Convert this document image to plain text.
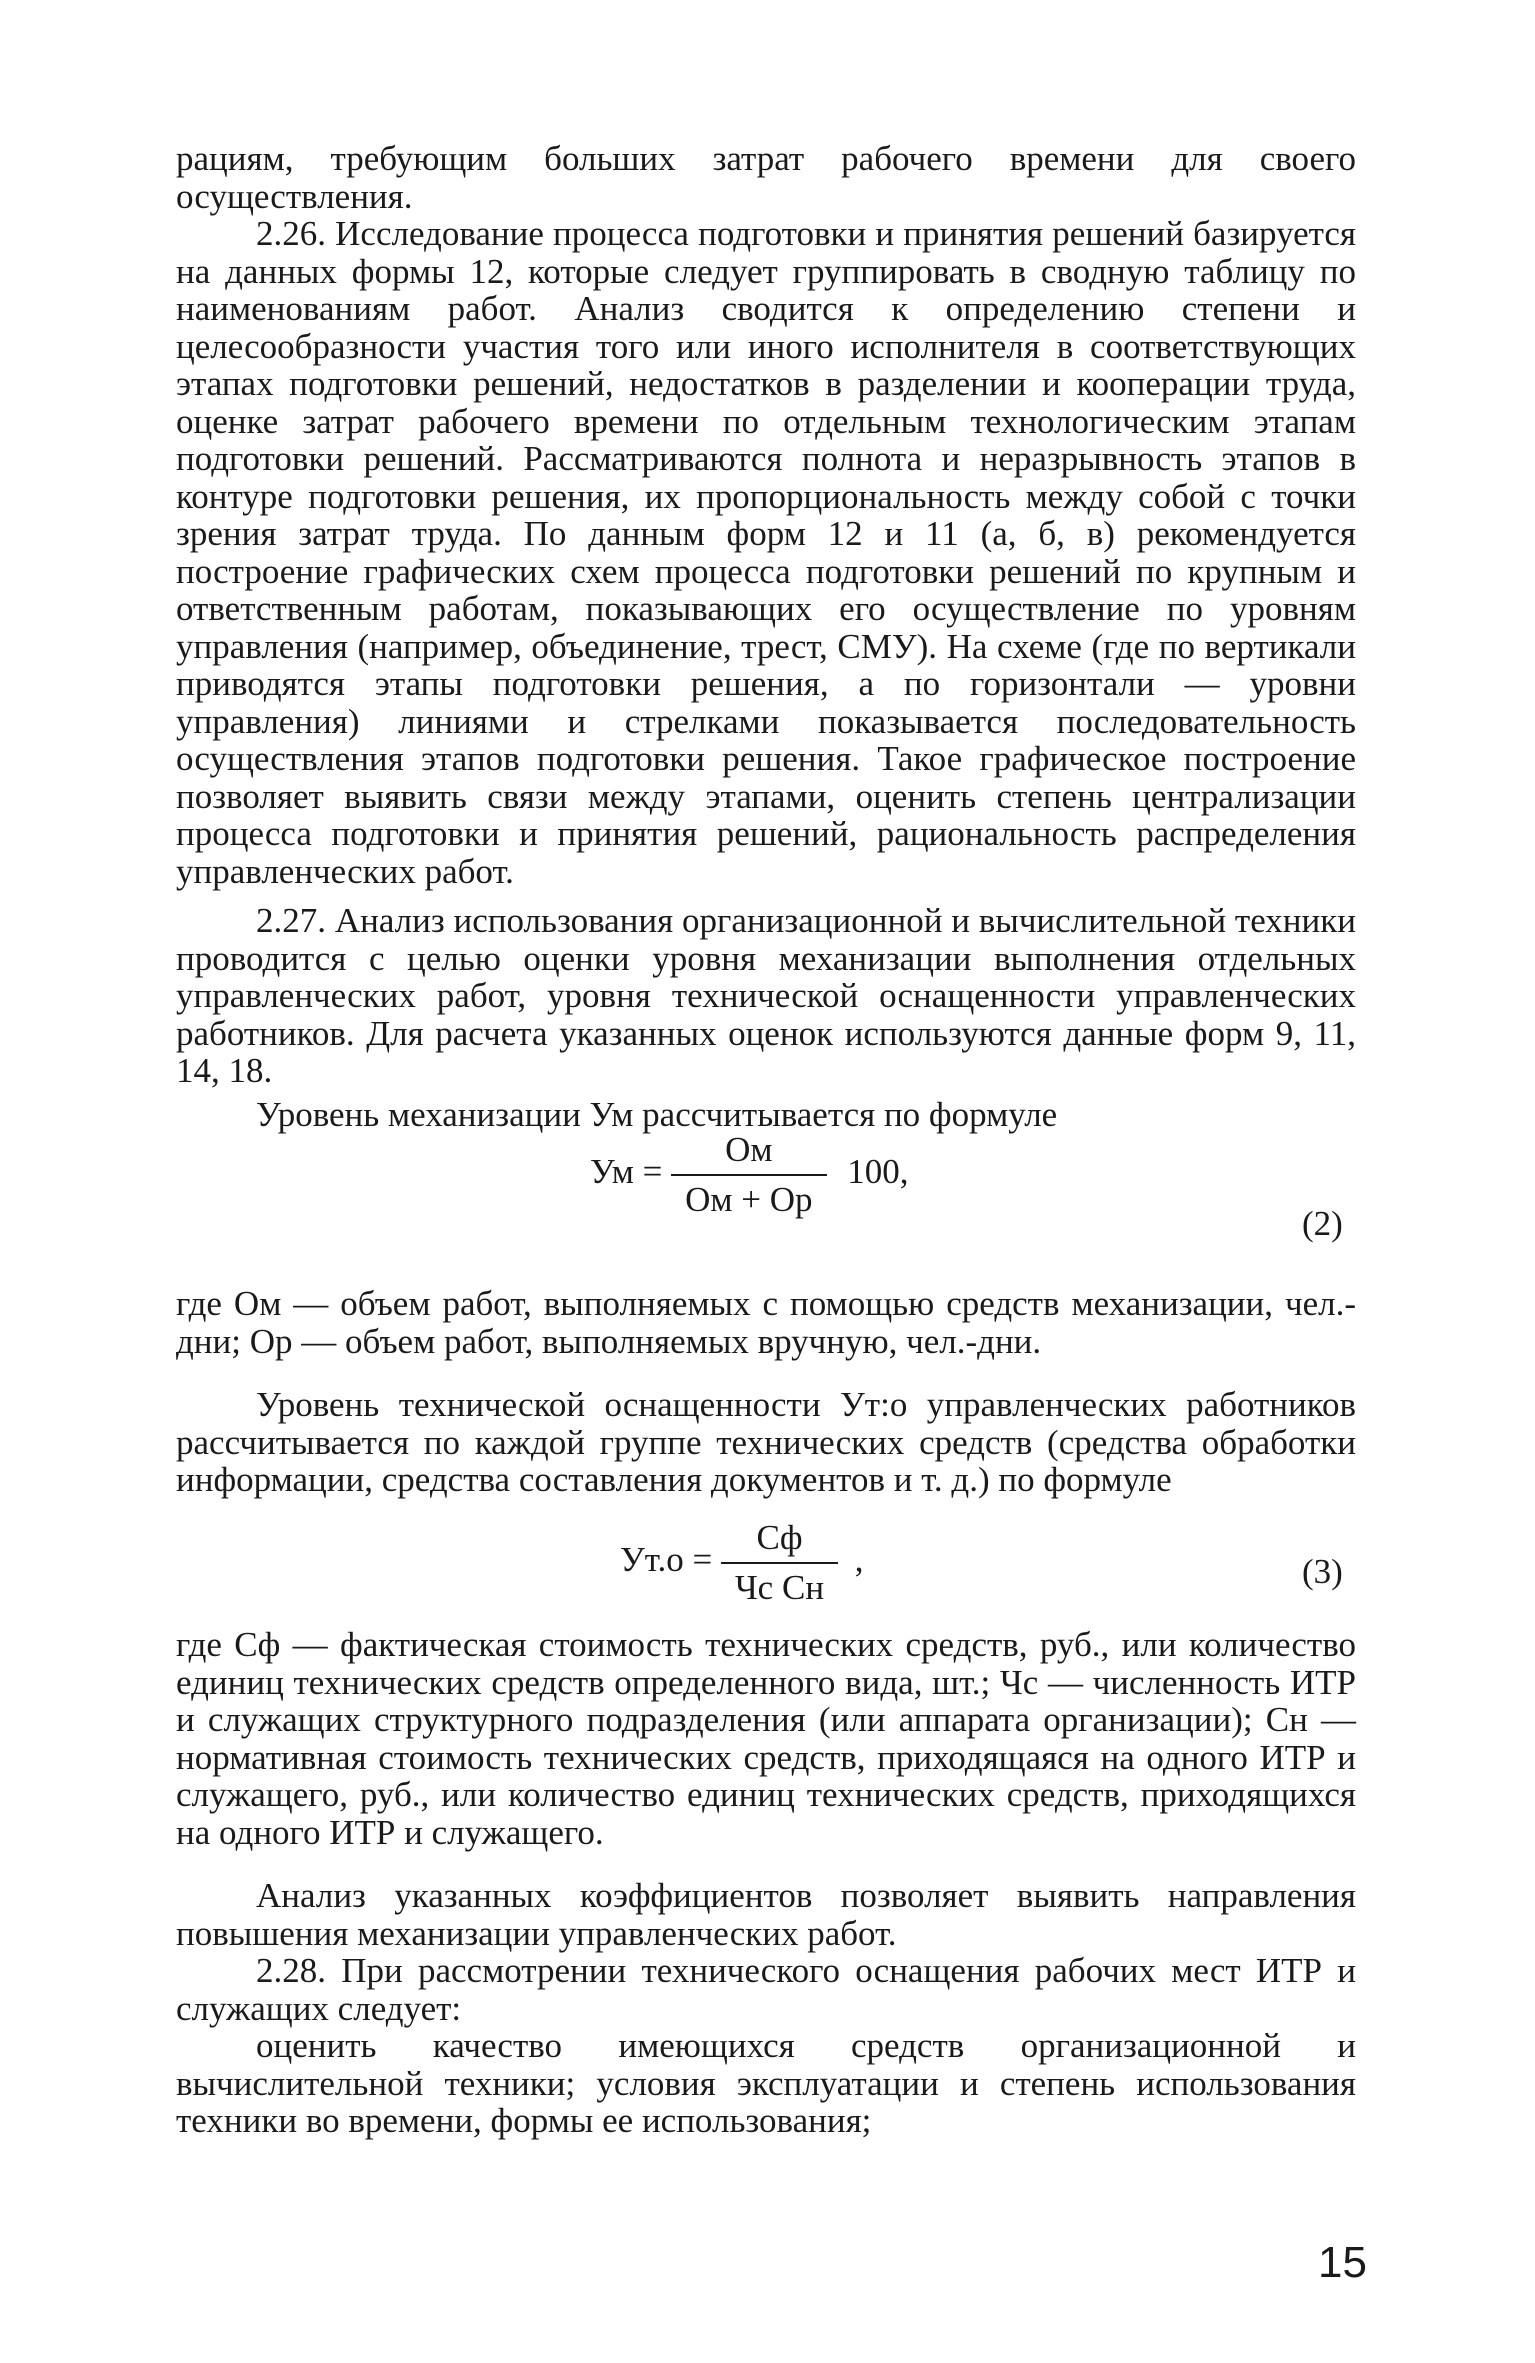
рациям, требующим больших затрат рабочего времени для своего осуществления.

2.26. Исследование процесса подготовки и принятия решений базируется на данных формы 12, которые следует группировать в сводную таблицу по наименованиям работ. Анализ сводится к определению степени и целесообразности участия того или иного исполнителя в соответствующих этапах подготовки решений, недостатков в разделении и кооперации труда, оценке затрат рабочего времени по отдельным технологическим этапам подготовки решений. Рассматриваются полнота и неразрывность этапов в контуре подготовки решения, их пропорциональность между собой с точки зрения затрат труда. По данным форм 12 и 11 (а, б, в) рекомендуется построение графических схем процесса подготовки решений по крупным и ответственным работам, показывающих его осуществление по уровням управления (например, объединение, трест, СМУ). На схеме (где по вертикали приводятся этапы подготовки решения, а по горизонтали — уровни управления) линиями и стрелками показывается последовательность осуществления этапов подготовки решения. Такое графическое построение позволяет выявить связи между этапами, оценить степень централизации процесса подготовки и принятия решений, рациональность распределения управленческих работ.

2.27. Анализ использования организационной и вычислительной техники проводится с целью оценки уровня механизации выполнения отдельных управленческих работ, уровня технической оснащенности управленческих работников. Для расчета указанных оценок используются данные форм 9, 11, 14, 18.

Уровень механизации Ум рассчитывается по формуле

Ум = $\frac{Ом}{Ом + Ор} 100$,
(2)

где Ом — объем работ, выполняемых с помощью средств механизации, чел.-дни; Ор — объем работ, выполняемых вручную, чел.-дни.

Уровень технической оснащенности Ут:о управленческих работников рассчитывается по каждой группе технических средств (средства обработки информации, средства составления документов и т. д.) по формуле

$Ут.о = \frac{Сф}{\text{Чс Сн}}$ ,	(3)

где Сф — фактическая стоимость технических средств, руб., или количество единиц технических средств определенного вида, шт.; Чс — численность ИТР и служащих структурного подразделения (или аппарата организации); Сн — нормативная стоимость технических средств, приходящаяся на одного ИТР и служащего, руб., или количество единиц технических средств, приходящихся на одного ИТР и служащего.

Анализ указанных коэффициентов позволяет выявить направления повышения механизации управленческих работ.

2.28. При рассмотрении технического оснащения рабочих мест ИТР и служащих следует:

оценить качество имеющихся средств организационной и вычислительной техники; условия эксплуатации и степень использования техники во времени, формы ее использования;

15
